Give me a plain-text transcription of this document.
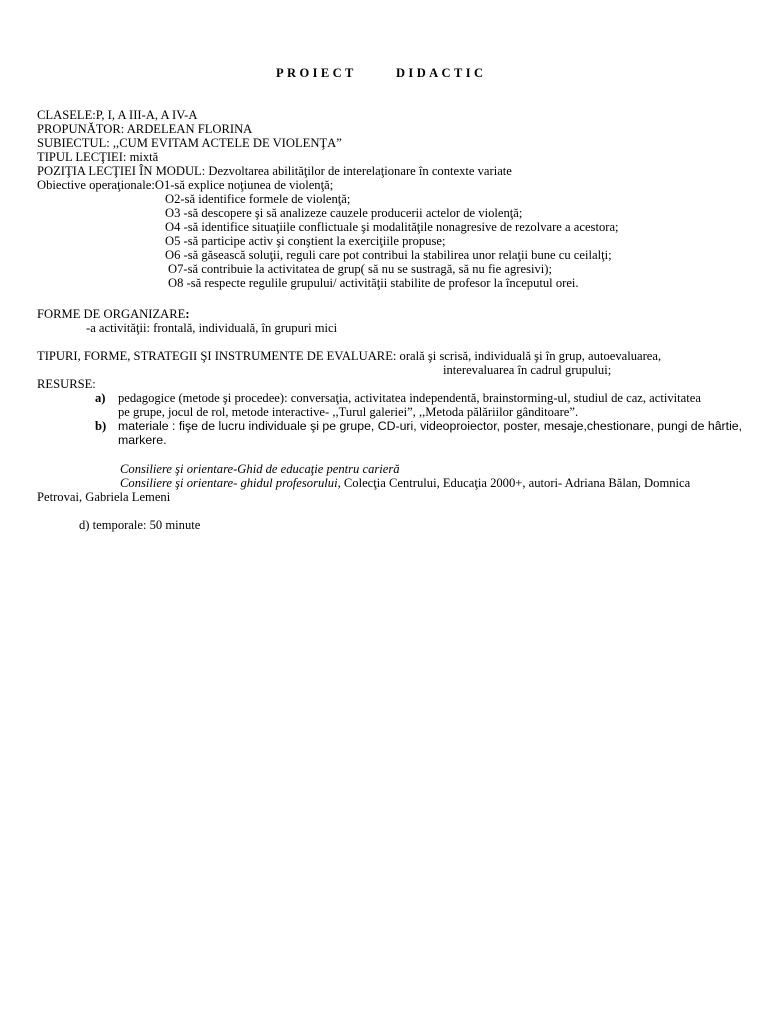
PROIECT	DIDACTIC
CLASELE:P, I, A III-A, A IV-A
PROPUNĂTOR: ARDELEAN FLORINA
SUBIECTUL: ,,CUM EVITAM ACTELE DE VIOLENŢA”
TIPUL LECŢIEI: mixtă
POZIŢIA LECŢIEI ÎN MODUL: Dezvoltarea abilităţilor de interelaţionare în contexte variate
Obiective operaţionale:O1-să explice noţiunea de violenţă;
O2-să identifice formele de violenţă;
O3 -să descopere şi să analizeze cauzele producerii actelor de violenţă;
O4 -să identifice situaţiile conflictuale şi modalităţile nonagresive de rezolvare a acestora;
O5 -să participe activ şi conştient la exerciţiile propuse;
O6 -să găsească soluţii, reguli care pot contribui la stabilirea unor relaţii bune cu ceilalţi;
O7-să contribuie la activitatea de grup( să nu se sustragă, să nu fie agresivi);
O8 -să respecte regulile grupului/ activităţii stabilite de profesor la începutul orei.
FORME DE ORGANIZARE:
-a activităţii: frontală, individuală, în grupuri mici
TIPURI, FORME, STRATEGII ŞI INSTRUMENTE DE EVALUARE: orală şi scrisă, individuală şi în grup, autoevaluarea,
interevaluarea în cadrul grupului;
RESURSE:
a) pedagogice (metode şi procedee): conversaţia, activitatea independentă, brainstorming-ul, studiul de caz, activitatea
pe grupe, jocul de rol, metode interactive- ,,Turul galeriei”, ,,Metoda pălăriilor gânditoare”.
b) materiale : fişe de lucru individuale şi pe grupe, CD-uri, videoproiector, poster, mesaje,chestionare, pungi de hârtie,
markere.
Consiliere şi orientare-Ghid de educaţie pentru carieră
Consiliere şi orientare- ghidul profesorului, Colecţia Centrului, Educaţia 2000+, autori- Adriana Bălan, Domnica
Petrovai, Gabriela Lemeni
d) temporale: 50 minute
